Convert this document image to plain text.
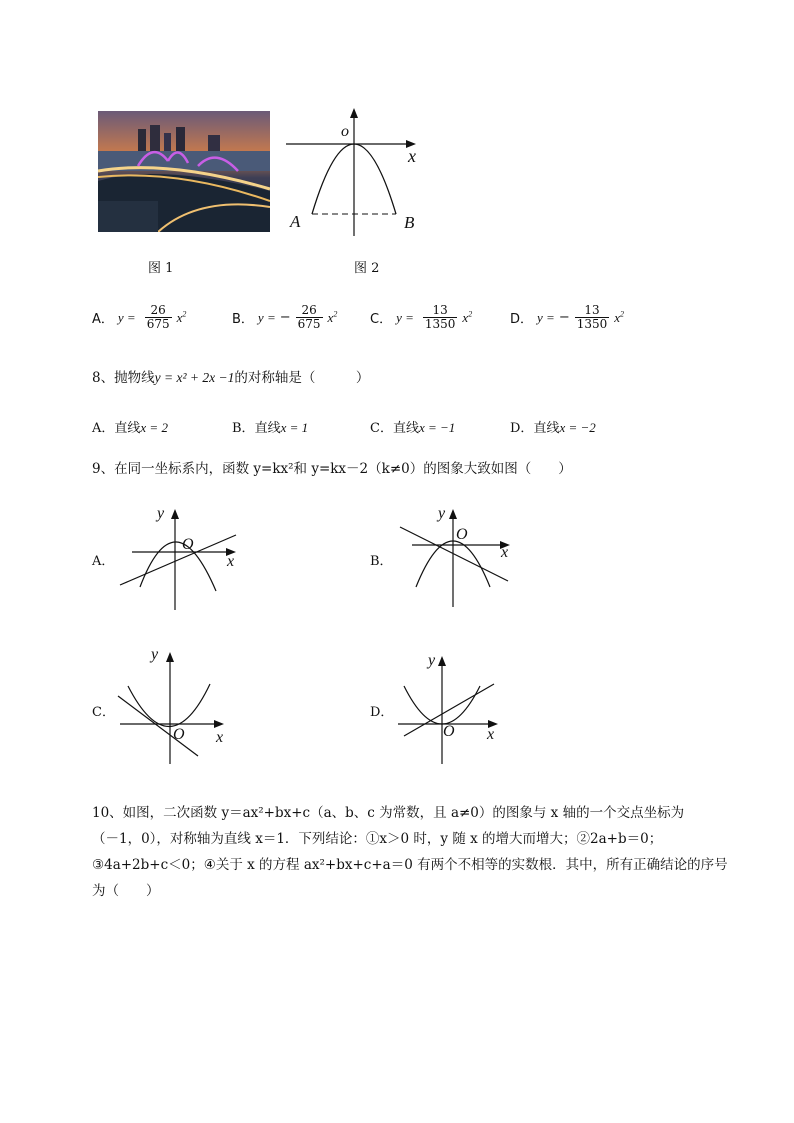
图 1
o
x
A	B
图 2
A． $y = \frac{26}{675} x^2$	B． y = − $\frac{26}{675} x^2$	C． $y = \frac{13}{1350} x^2$	D． y = − $\frac{13}{1350} x^2$
8、抛物线y = x² + 2x −1的对称轴是（　　　）
A．直线x = 2	B．直线x = 1	C．直线x = −1	D．直线x = −2
9、在同一坐标系内，函数 y=kx²和 y=kx－2（k≠0）的图象大致如图（　　）
A．
y
O
x	B．
y
O
x
C．
y
O x
D．
y
O x
10、如图，二次函数 y＝ax²+bx+c（a、b、c 为常数，且 a≠0）的图象与 x 轴的一个交点坐标为
（－1，0），对称轴为直线 x＝1．下列结论：①x＞0 时，y 随 x 的增大而增大；②2a+b＝0；
③4a+2b+c＜0；④关于 x 的方程 ax²+bx+c+a＝0 有两个不相等的实数根．其中，所有正确结论的序号
为（　　）
